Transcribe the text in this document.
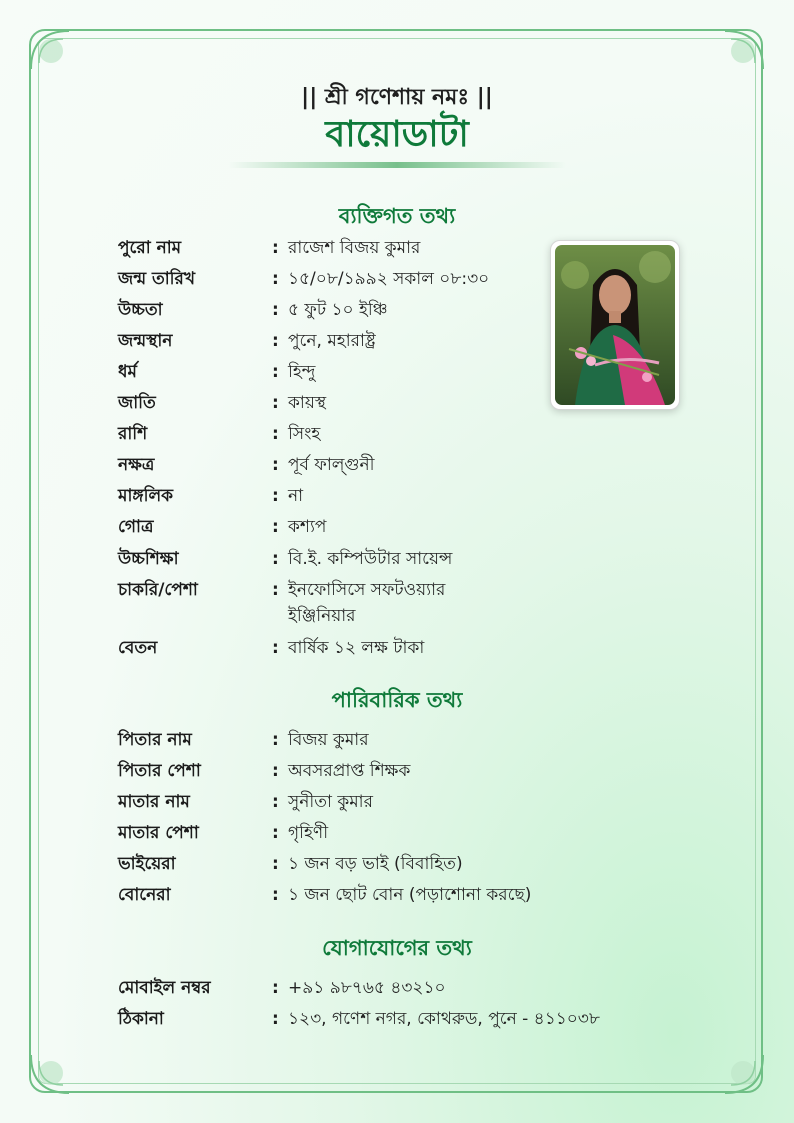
|| শ্রী গণেশায় নমঃ ||
বায়োডাটা
ব্যক্তিগত তথ্য
পুরো নাম	: রাজেশ বিজয় কুমার
জন্ম তারিখ	: ১৫/০৮/১৯৯২ সকাল ০৮:৩০
উচ্চতা	: ৫ ফুট ১০ ইঞ্চি
জন্মস্থান	: পুনে, মহারাষ্ট্র
ধর্ম	: হিন্দু
জাতি	: কায়স্থ
রাশি	: সিংহ
নক্ষত্র	: পূর্ব ফাল্গুনী
মাঙ্গলিক	: না
গোত্র	: কশ্যপ
উচ্চশিক্ষা	: বি.ই. কম্পিউটার সায়েন্স
চাকরি/পেশা	: ইনফোসিসে সফটওয়্যার ইঞ্জিনিয়ার
বেতন	: বার্ষিক ১২ লক্ষ টাকা
পারিবারিক তথ্য
পিতার নাম	: বিজয় কুমার
পিতার পেশা	: অবসরপ্রাপ্ত শিক্ষক
মাতার নাম	: সুনীতা কুমার
মাতার পেশা	: গৃহিণী
ভাইয়েরা	: ১ জন বড় ভাই (বিবাহিত)
বোনেরা	: ১ জন ছোট বোন (পড়াশোনা করছে)
যোগাযোগের তথ্য
মোবাইল নম্বর	: +৯১ ৯৮৭৬৫ ৪৩২১০
ঠিকানা	: ১২৩, গণেশ নগর, কোথরুড, পুনে - ৪১১০৩৮
